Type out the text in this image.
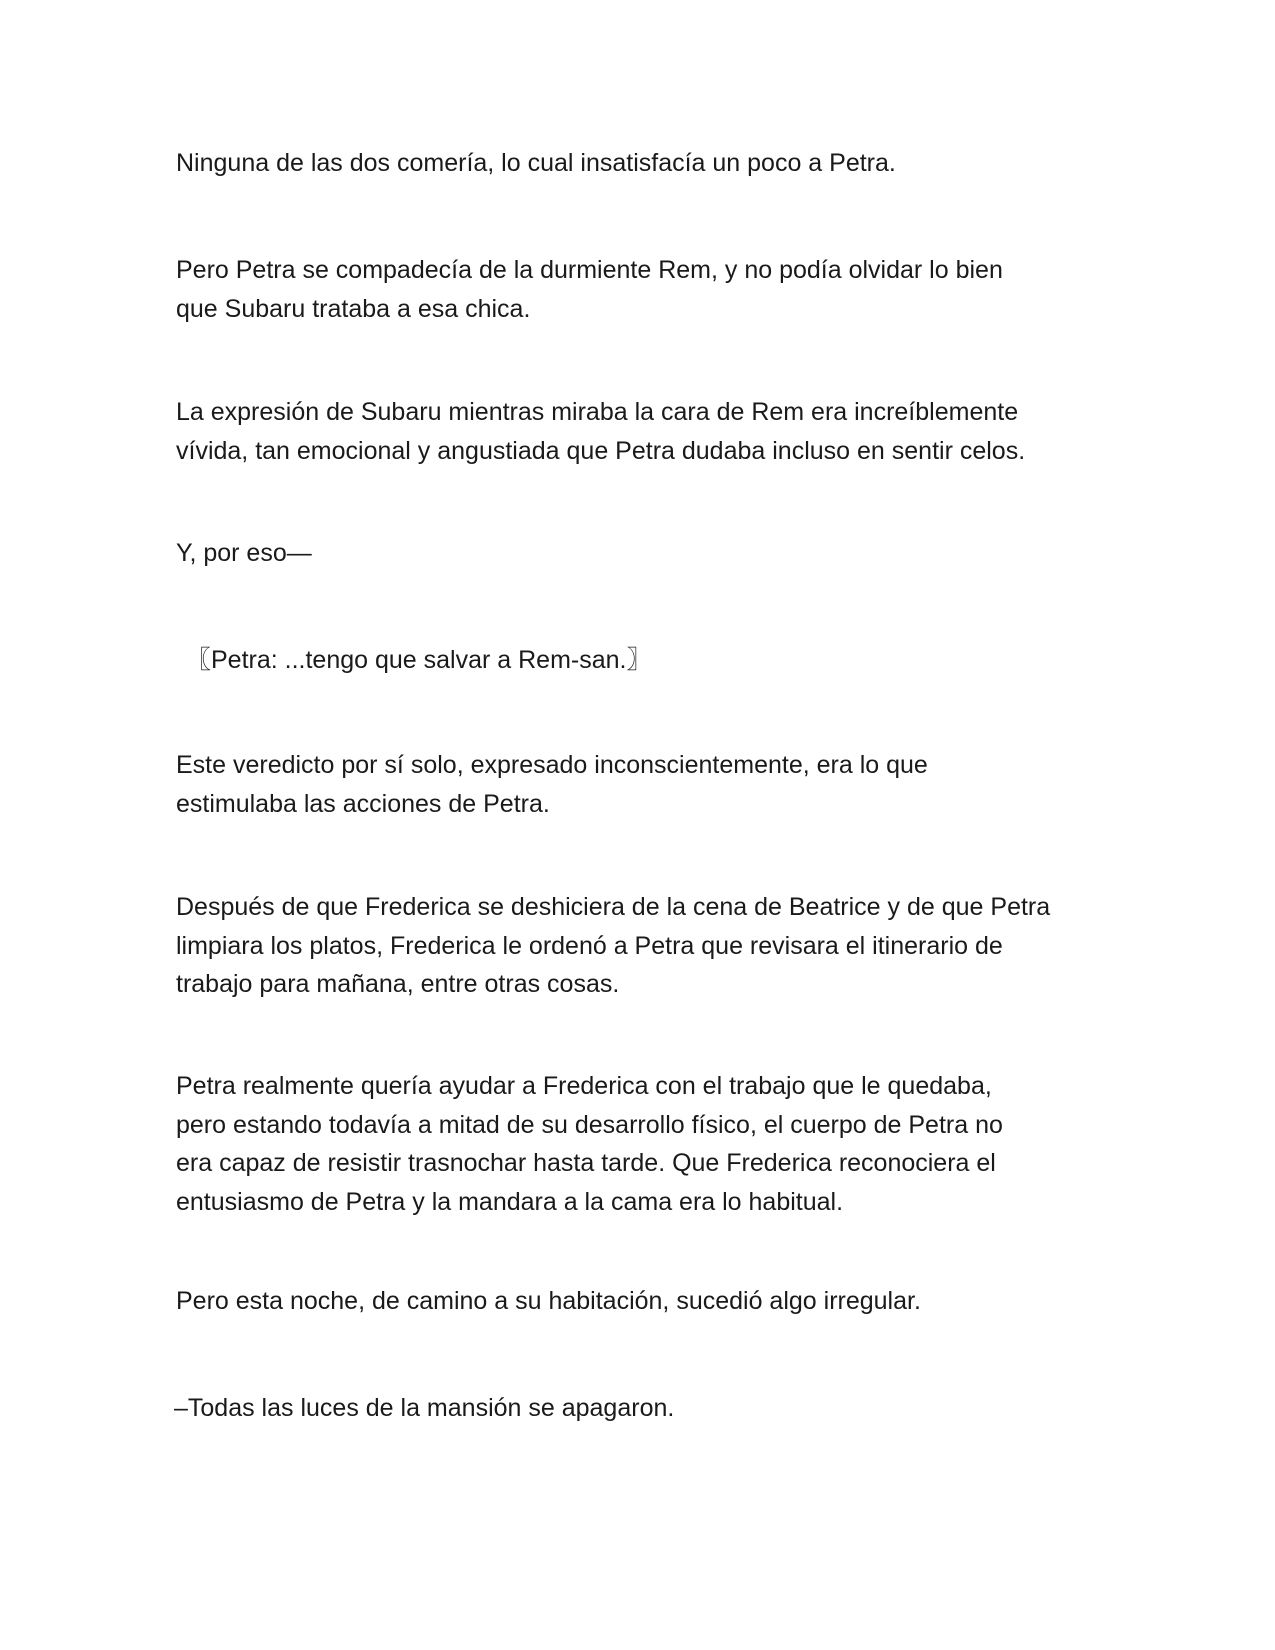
Ninguna de las dos comería, lo cual insatisfacía un poco a Petra.

Pero Petra se compadecía de la durmiente Rem, y no podía olvidar lo bien
que Subaru trataba a esa chica.

La expresión de Subaru mientras miraba la cara de Rem era increíblemente
vívida, tan emocional y angustiada que Petra dudaba incluso en sentir celos.

Y, por eso—

〖Petra: ...tengo que salvar a Rem-san.〗

Este veredicto por sí solo, expresado inconscientemente, era lo que
estimulaba las acciones de Petra.

Después de que Frederica se deshiciera de la cena de Beatrice y de que Petra
limpiara los platos, Frederica le ordenó a Petra que revisara el itinerario de
trabajo para mañana, entre otras cosas.

Petra realmente quería ayudar a Frederica con el trabajo que le quedaba,
pero estando todavía a mitad de su desarrollo físico, el cuerpo de Petra no
era capaz de resistir trasnochar hasta tarde. Que Frederica reconociera el
entusiasmo de Petra y la mandara a la cama era lo habitual.

Pero esta noche, de camino a su habitación, sucedió algo irregular.

–Todas las luces de la mansión se apagaron.
